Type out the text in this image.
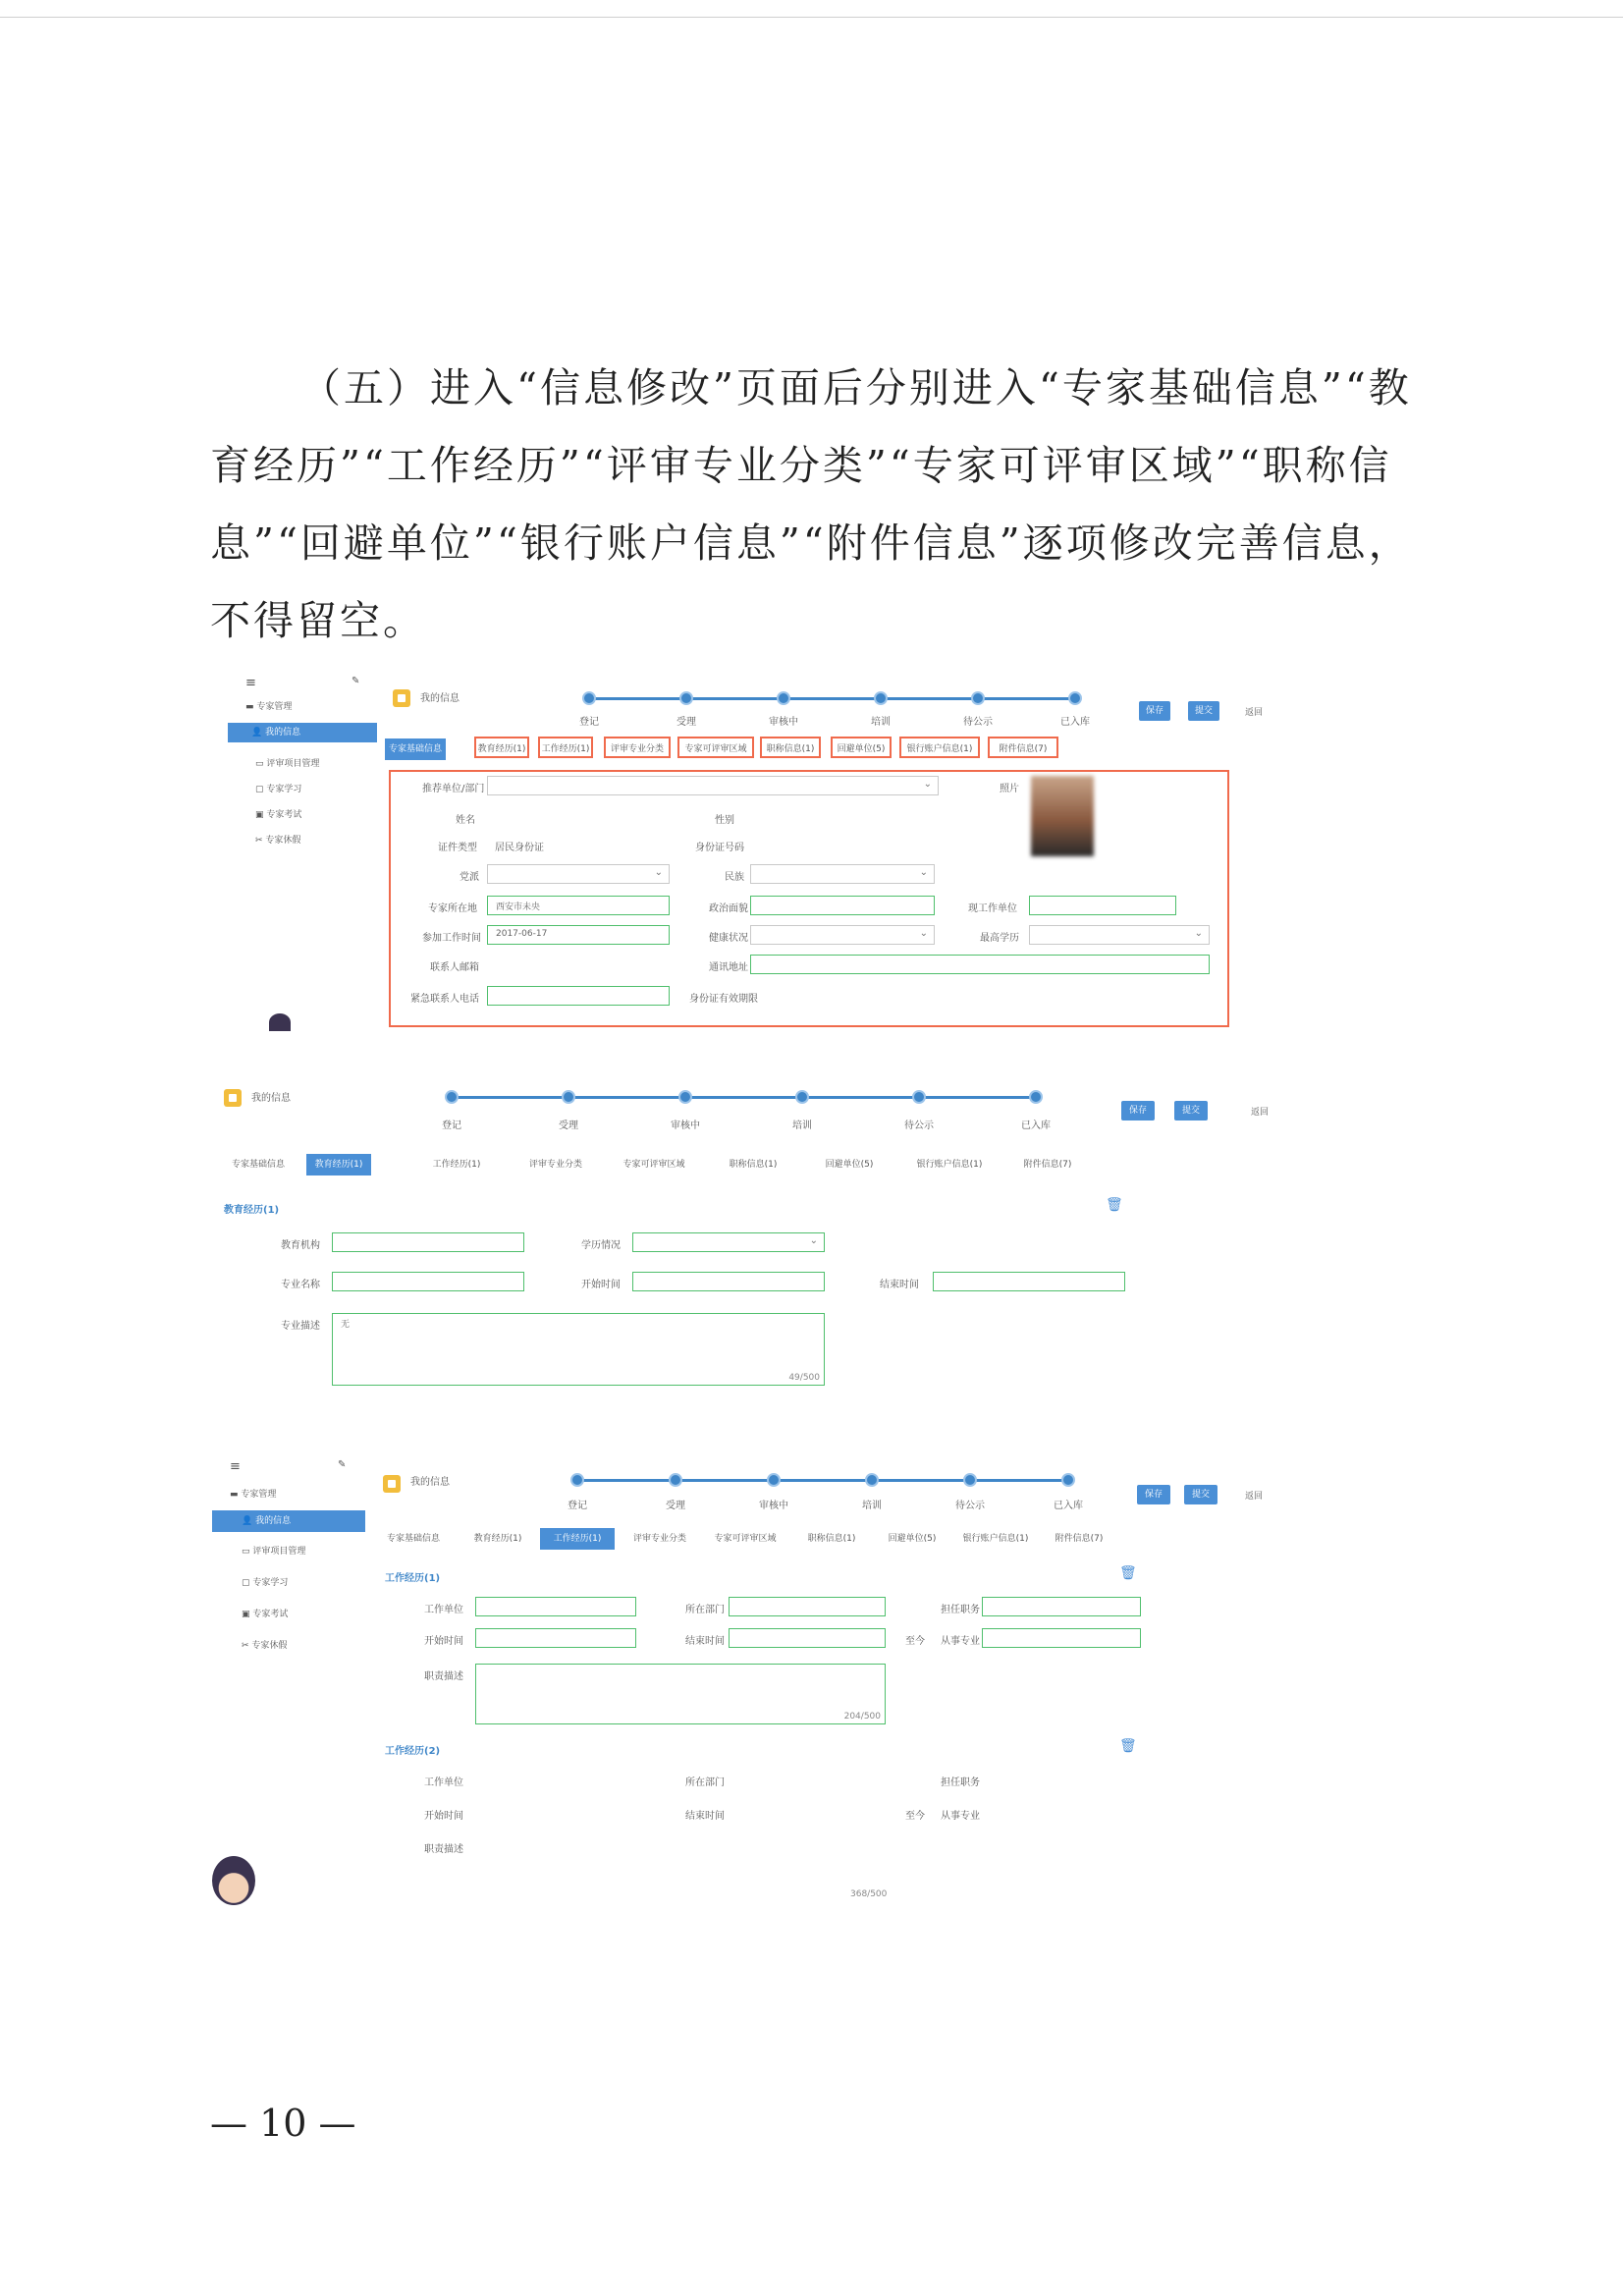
（五）进入“信息修改”页面后分别进入“专家基础信息”“教育经历”“工作经历”“评审专业分类”“专家可评审区域”“职称信息”“回避单位”“银行账户信息”“附件信息”逐项修改完善信息，不得留空。
≡	✎
▬ 专家管理
👤 我的信息
▭ 评审项目管理
▢ 专家学习
▣ 专家考试
✂ 专家休假
我的信息
登记	受理	审核中	培训	待公示	已入库
保存	提交	返回
专家基础信息	教育经历(1)	工作经历(1)	评审专业分类	专家可评审区域	职称信息(1)	回避单位(5)	银行账户信息(1)	附件信息(7)
推荐单位/部门	⌄	照片
姓名	性别
证件类型 居民身份证	身份证号码
党派	⌄	民族	⌄
专家所在地 西安市未央	政治面貌	现工作单位
参加工作时间 2017-06-17	健康状况	⌄	最高学历	⌄
联系人邮箱	通讯地址
紧急联系人电话	身份证有效期限
我的信息
登记	受理	审核中	培训	待公示	已入库
保存	提交	返回
专家基础信息	教育经历(1)	工作经历(1)	评审专业分类	专家可评审区域	职称信息(1)	回避单位(5)	银行账户信息(1)	附件信息(7)
教育经历(1)	🗑
教育机构	学历情况	⌄
专业名称	开始时间	结束时间
专业描述 无
49/500
≡	✎
▬ 专家管理
👤 我的信息
▭ 评审项目管理
▢ 专家学习
▣ 专家考试
✂ 专家休假
我的信息
登记	受理	审核中	培训	待公示	已入库
保存	提交	返回
专家基础信息	教育经历(1)	工作经历(1)	评审专业分类	专家可评审区域	职称信息(1)	回避单位(5)	银行账户信息(1)	附件信息(7)
工作经历(1)	🗑
工作单位	所在部门	担任职务
开始时间	结束时间	至今 从事专业
职责描述
204/500
工作经历(2)	🗑
工作单位	所在部门	担任职务
开始时间	结束时间	至今 从事专业
职责描述
368/500
— 10 —
